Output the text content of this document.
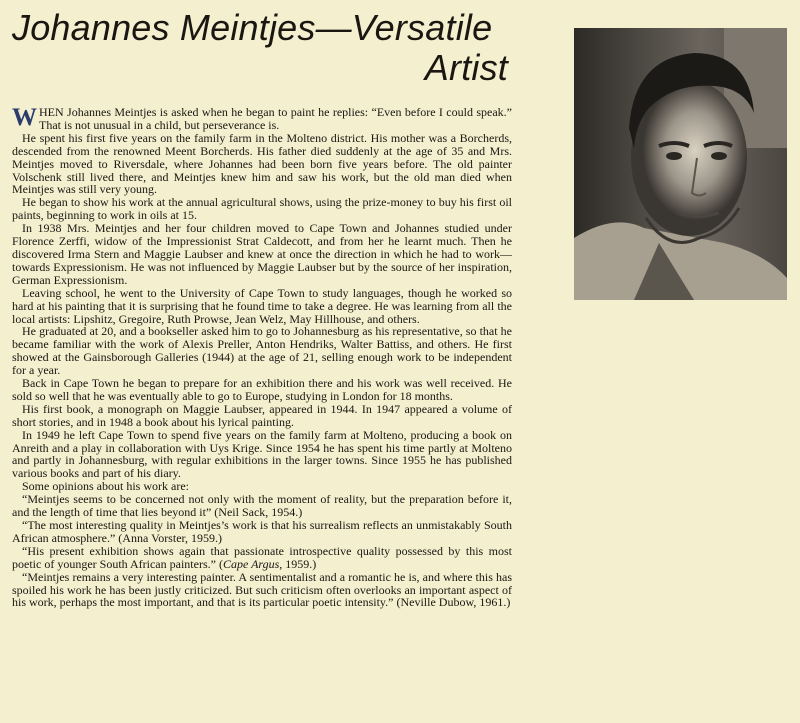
Johannes Meintjes—Versatile
Artist

WHEN Johannes Meintjes is asked when he began to paint he replies: “Even before I could speak.” That is not unusual in a child, but perseverance is.

He spent his first five years on the family farm in the Molteno district. His mother was a Borcherds, descended from the renowned Meent Borcherds. His father died suddenly at the age of 35 and Mrs. Meintjes moved to Riversdale, where Johannes had been born five years before. The old painter Volschenk still lived there, and Meintjes knew him and saw his work, but the old man died when Meintjes was still very young.

He began to show his work at the annual agricultural shows, using the prize-money to buy his first oil paints, beginning to work in oils at 15.

In 1938 Mrs. Meintjes and her four children moved to Cape Town and Johannes studied under Florence Zerffi, widow of the Impressionist Strat Caldecott, and from her he learnt much. Then he discovered Irma Stern and Maggie Laubser and knew at once the direction in which he had to work—towards Expressionism. He was not influenced by Maggie Laubser but by the source of her inspiration, German Expressionism.

Leaving school, he went to the University of Cape Town to study languages, though he worked so hard at his painting that it is surprising that he found time to take a degree. He was learning from all the local artists: Lipshitz, Gregoire, Ruth Prowse, Jean Welz, May Hillhouse, and others.

He graduated at 20, and a bookseller asked him to go to Johannesburg as his representative, so that he became familiar with the work of Alexis Preller, Anton Hendriks, Walter Battiss, and others. He first showed at the Gainsborough Galleries (1944) at the age of 21, selling enough work to be independent for a year.

Back in Cape Town he began to prepare for an exhibition there and his work was well received. He sold so well that he was eventually able to go to Europe, studying in London for 18 months.

His first book, a monograph on Maggie Laubser, appeared in 1944. In 1947 appeared a volume of short stories, and in 1948 a book about his lyrical painting.

In 1949 he left Cape Town to spend five years on the family farm at Molteno, producing a book on Anreith and a play in collaboration with Uys Krige. Since 1954 he has spent his time partly at Molteno and partly in Johannesburg, with regular exhibitions in the larger towns. Since 1955 he has published various books and part of his diary.

Some opinions about his work are:

“Meintjes seems to be concerned not only with the moment of reality, but the preparation before it, and the length of time that lies beyond it” (Neil Sack, 1954.)

“The most interesting quality in Meintjes’s work is that his surrealism reflects an unmistakably South African atmosphere.” (Anna Vorster, 1959.)

“His present exhibition shows again that passionate introspective quality possessed by this most poetic of younger South African painters.” (Cape Argus, 1959.)

“Meintjes remains a very interesting painter. A sentimentalist and a romantic he is, and where this has spoiled his work he has been justly criticized. But such criticism often overlooks an important aspect of his work, perhaps the most important, and that is its particular poetic intensity.” (Neville Dubow, 1961.)
